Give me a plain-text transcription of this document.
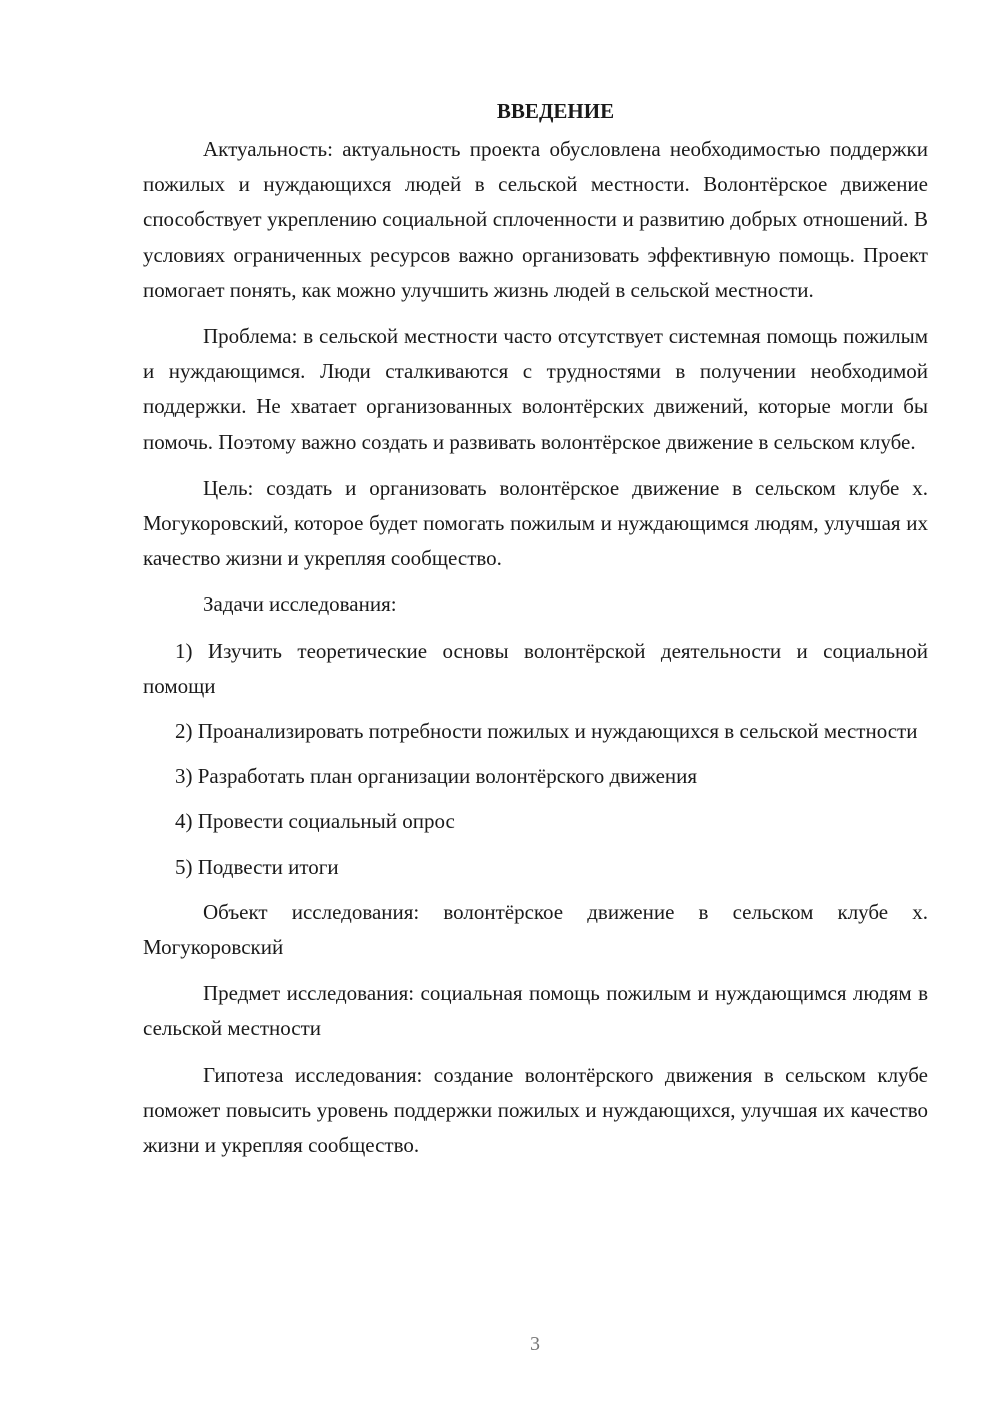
ВВЕДЕНИЕ

Актуальность: актуальность проекта обусловлена необходимостью поддержки пожилых и нуждающихся людей в сельской местности. Волонтёрское движение способствует укреплению социальной сплоченности и развитию добрых отношений. В условиях ограниченных ресурсов важно организовать эффективную помощь. Проект помогает понять, как можно улучшить жизнь людей в сельской местности.

Проблема: в сельской местности часто отсутствует системная помощь пожилым и нуждающимся. Люди сталкиваются с трудностями в получении необходимой поддержки. Не хватает организованных волонтёрских движений, которые могли бы помочь. Поэтому важно создать и развивать волонтёрское движение в сельском клубе.

Цель: создать и организовать волонтёрское движение в сельском клубе х. Могукоровский, которое будет помогать пожилым и нуждающимся людям, улучшая их качество жизни и укрепляя сообщество.

Задачи исследования:

1) Изучить теоретические основы волонтёрской деятельности и социальной помощи

2) Проанализировать потребности пожилых и нуждающихся в сельской местности

3) Разработать план организации волонтёрского движения

4) Провести социальный опрос

5) Подвести итоги

Объект исследования: волонтёрское движение в сельском клубе х. Могукоровский

Предмет исследования: социальная помощь пожилым и нуждающимся людям в сельской местности

Гипотеза исследования: создание волонтёрского движения в сельском клубе поможет повысить уровень поддержки пожилых и нуждающихся, улучшая их качество жизни и укрепляя сообщество.

3
